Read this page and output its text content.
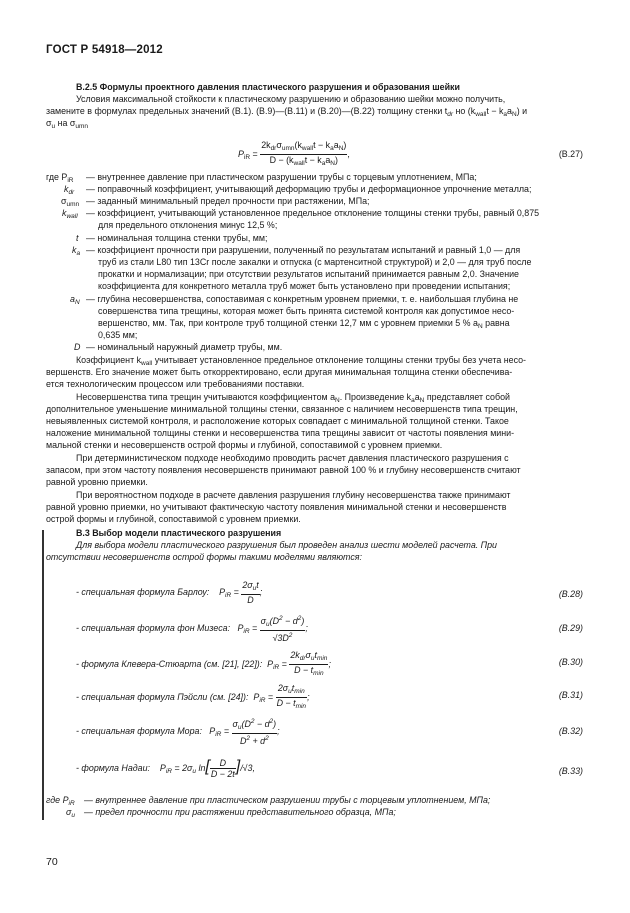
ГОСТ Р 54918—2012
B.2.5 Формулы проектного давления пластического разрушения и образования шейки
Условия максимальной стойкости к пластическому разрушению и образованию шейки можно получить,
замените в формулах предельных значений (B.1). (B.9)—(B.11) и (B.20)—(B.22) толщину стенки $t_{dr}$ но $(k_{wall}t - k_aa_N)$ и
$\sigma_u$ на $\sigma_{umn}$
$P_{iR} = \frac{2k_{dr}\sigma_{umn}(k_{wall}t - k_aa_N)}{D - (k_{wall}t - k_aa_N)}$ ,	(B.27)
где $P_{iR}$ — внутреннее давление при пластическом разрушении трубы с торцевым уплотнением, МПа;
$k_{dr}$ — поправочный коэффициент, учитывающий деформацию трубы и деформационное упрочнение металла;
$\sigma_{umn}$ — заданный минимальный предел прочности при растяжении, МПа;
$k_{wall}$ — коэффициент, учитывающий установленное предельное отклонение толщины стенки трубы, равный 0,875
для предельного отклонения минус 12,5 %;
t — номинальная толщина стенки трубы, мм;
$k_a$ — коэффициент прочности при разрушении, полученный по результатам испытаний и равный 1,0 — для
труб из стали L80 тип 13Cr после закалки и отпуска (с мартенситной структурой) и 2,0 — для труб после
прокатки и нормализации; при отсутствии результатов испытаний принимается равным 2,0. Значение
коэффициента для конкретного металла труб может быть установлено при проведении испытания;
$a_N$ — глубина несовершенства, сопоставимая с конкретным уровнем приемки, т. е. наибольшая глубина не
совершенства типа трещины, которая может быть принята системой контроля как допустимое несо-
вершенство, мм. Так, при контроле труб толщиной стенки 12,7 мм с уровнем приемки 5 % $a_N$ равна
0,635 мм;
D — номинальный наружный диаметр трубы, мм.
Коэффициент $k_{wall}$ учитывает установленное предельное отклонение толщины стенки трубы без учета несо-
вершенств. Его значение может быть откорректировано, если другая минимальная толщина стенки обеспечива-
ется технологическим процессом или требованиями поставки.
Несовершенства типа трещин учитываются коэффициентом $a_N$. Произведение $k_aa_N$ представляет собой
дополнительное уменьшение минимальной толщины стенки, связанное с наличием несовершенств типа трещин,
невыявленных системой контроля, и расположение которых совпадает с минимальной толщиной стенки. Такое
наложение минимальной толщины стенки и несовершенства типа трещины зависит от частоты появления мини-
мальной стенки и несовершенств острой формы и глубиной, сопоставимой с уровнем приемки.
При детерминистическом подходе необходимо проводить расчет давления пластического разрушения с
запасом, при этом частоту появления несовершенств принимают равной 100 % и глубину несовершенств считают
равной уровню приемки.
При вероятностном подходе в расчете давления разрушения глубину несовершенства также принимают
равной уровню приемки, но учитывают фактическую частоту появления минимальной стенки и несовершенств
острой формы и глубиной, сопоставимой с уровнем приемки.
B.3 Выбор модели пластического разрушения
Для выбора модели пластического разрушения был проведен анализ шести моделей расчета. При
отсутствии несовершенств острой формы такими моделями являются:
- специальная формула Барлоу:    $P_{iR} = \frac{2\sigma_ut}{D}$ ;	(B.28)
- специальная формула фон Мизеса:   $P_{iR} = \frac{\sigma_u(D^2 - d^2)}{√3D^2}$ ;	(B.29)
- формула Клевера-Стюарта (см. [21], [22]):  $P_{iR} = \frac{2k_{dr}\sigma_ut_{min}}{D - t_{min}}$ ;	(B.30)
- специальная формула Пэйсли (см. [24]):  $P_{iR} = \frac{2\sigma_ut_{min}}{D - t_{min}}$ ;	(B.31)
- специальная формула Мора:   $P_{iR} = \frac{\sigma_u(D^2 - d^2)}{D^2 + d^2}$ ;	(B.32)
- формула Надаи:    $P_{iR} = 2\sigma_u$ $\ln[ \frac{D}{D - 2t} ]/√3$,	(B.33)
где $P_{iR}$ — внутреннее давление при пластическом разрушении трубы с торцевым уплотнением, МПа;
$\sigma_u$ — предел прочности при растяжении представительного образца, МПа;
70
